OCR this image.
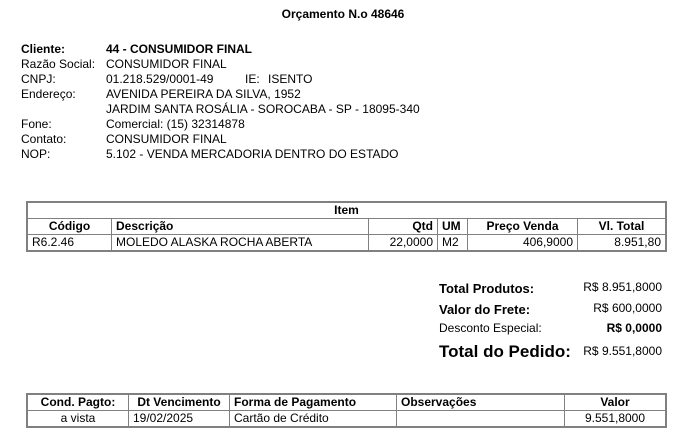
Orçamento N.o 48646
Cliente:	44 - CONSUMIDOR FINAL
Razão Social: CONSUMIDOR FINAL
CNPJ:	01.218.529/0001-49	IE: ISENTO
Endereço:	AVENIDA PEREIRA DA SILVA, 1952
JARDIM SANTA ROSÁLIA - SOROCABA - SP - 18095-340
Fone:	Comercial: (15) 32314878
Contato:	CONSUMIDOR FINAL
NOP:	5.102 - VENDA MERCADORIA DENTRO DO ESTADO
Item					
Código	Descrição	Qtd	UM	Preço Venda	Vl. Total
R6.2.46	MOLEDO ALASKA ROCHA ABERTA	22,0000	M2	406,9000	8.951,80
Total Produtos:	R$ 8.951,8000
Valor do Frete:	R$ 600,0000
Desconto Especial:	R$ 0,0000
Total do Pedido: R$ 9.551,8000
Cond. Pagto:	Dt Vencimento	Forma de Pagamento	Observações	Valor
a vista	19/02/2025	Cartão de Crédito		9.551,8000
